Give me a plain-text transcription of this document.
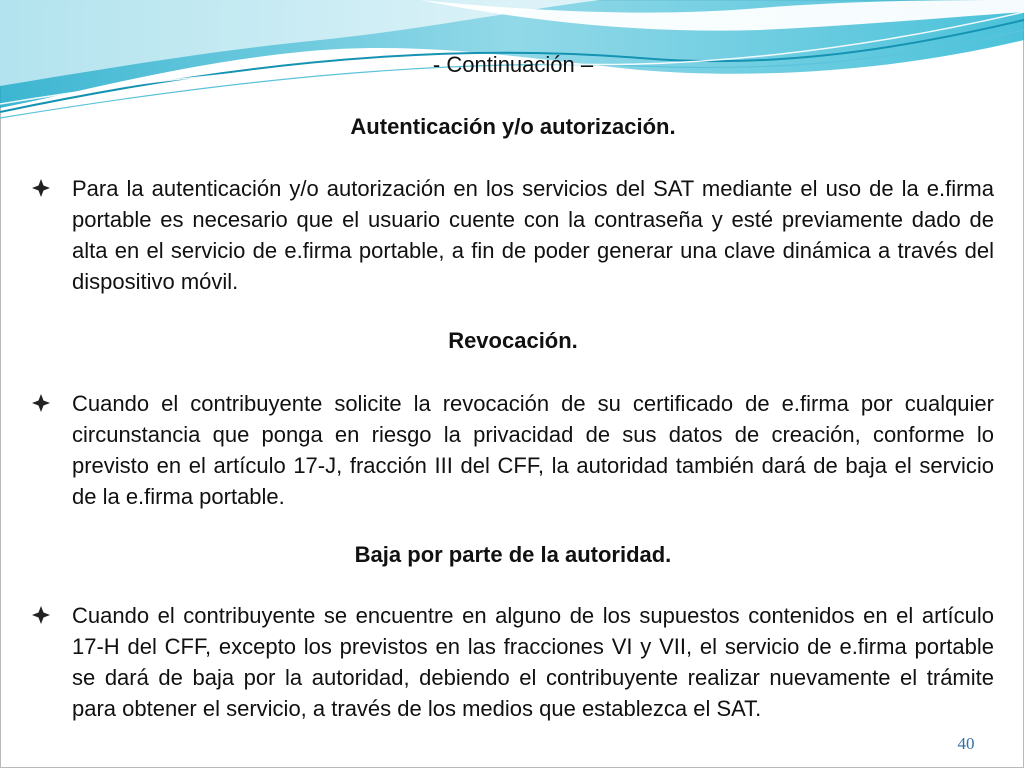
- Continuación –
Autenticación y/o autorización.
Para la autenticación y/o autorización en los servicios del SAT mediante el uso de la e.firma portable es necesario que el usuario cuente con la contraseña y esté previamente dado de alta en el servicio de e.firma portable, a fin de poder generar una clave dinámica a través del dispositivo móvil.
Revocación.
Cuando el contribuyente solicite la revocación de su certificado de e.firma por cualquier circunstancia que ponga en riesgo la privacidad de sus datos de creación, conforme lo previsto en el artículo 17-J, fracción III del CFF, la autoridad también dará de baja el servicio de la e.firma portable.
Baja por parte de la autoridad.
Cuando el contribuyente se encuentre en alguno de los supuestos contenidos en el artículo 17-H del CFF, excepto los previstos en las fracciones VI y VII, el servicio de e.firma portable se dará de baja por la autoridad, debiendo el contribuyente realizar nuevamente el trámite para obtener el servicio, a través de los medios que establezca el SAT.
40
